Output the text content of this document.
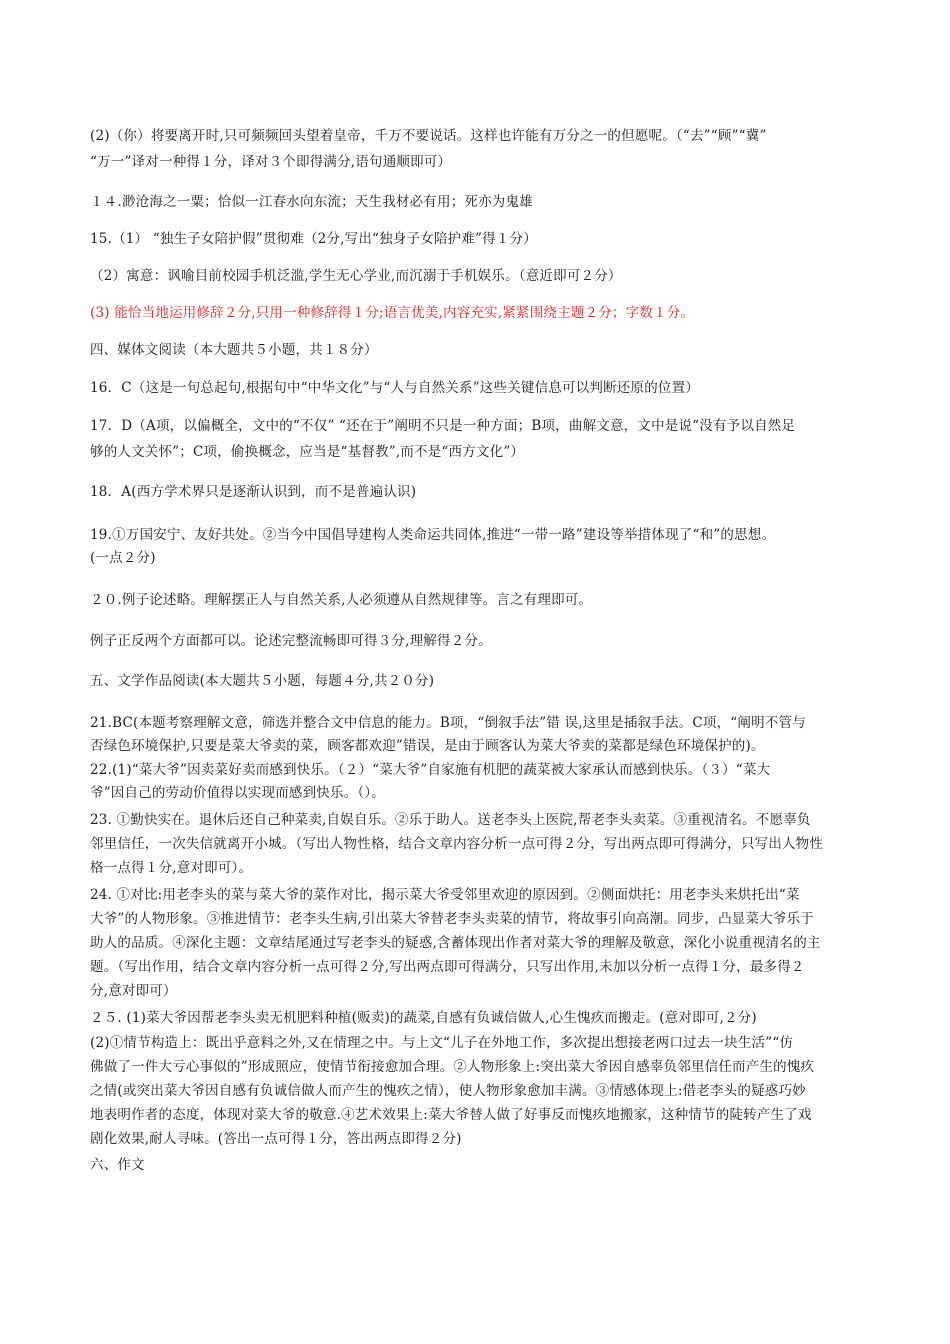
(2)（你）将要离开时,只可频频回头望着皇帝，千万不要说话。这样也许能有万分之一的但愿呢。（“去”“顾”“冀”
“万一”译对一种得１分，译对３个即得满分,语句通顺即可）
１４.渺沧海之一粟；恰似一江春水向东流；天生我材必有用；死亦为鬼雄
15.（1） “独生子女陪护假”贯彻难（2分,写出“独身子女陪护难”得１分）
（2）寓意：讽喻目前校园手机泛滥,学生无心学业,而沉溺于手机娱乐。（意近即可２分）
(3) 能恰当地运用修辞２分,只用一种修辞得１分;语言优美,内容充实,紧紧围绕主题２分；字数１分。
四、媒体文阅读（本大题共５小题，共１８分）
16．C（这是一句总起句,根据句中“中华文化”与“人与自然关系”这些关键信息可以判断还原的位置）
17．D（A项，以偏概全，文中的“不仅” “还在于”阐明不只是一种方面；B项，曲解文意，文中是说“没有予以自然足
够的人文关怀”；C项，偷换概念，应当是“基督教”,而不是“西方文化”）
18．A(西方学术界只是逐渐认识到，而不是普遍认识)
19.①万国安宁、友好共处。②当今中国倡导建构人类命运共同体,推进“一带一路”建设等举措体现了“和”的思想。
(一点２分)
２０.例子论述略。理解摆正人与自然关系,人必须遵从自然规律等。言之有理即可。
例子正反两个方面都可以。论述完整流畅即可得３分,理解得２分。
五、文学作品阅读(本大题共５小题，每题４分,共２０分)
21.BC(本题考察理解文意，筛选并整合文中信息的能力。B项，“倒叙手法”错 误,这里是插叙手法。C项，“阐明不管与
否绿色环境保护,只要是菜大爷卖的菜，顾客都欢迎”错误，是由于顾客认为菜大爷卖的菜都是绿色环境保护的)。
22.(1)“菜大爷”因卖菜好卖而感到快乐。（２）“菜大爷”自家施有机肥的蔬菜被大家承认而感到快乐。（３）“菜大
爷”因自己的劳动价值得以实现而感到快乐。（）。
23. ①勤快实在。退休后还自己种菜卖,自娱自乐。②乐于助人。送老李头上医院,帮老李头卖菜。③重视清名。不愿辜负
邻里信任，一次失信就离开小城。（写出人物性格，结合文章内容分析一点可得２分，写出两点即可得满分，只写出人物性
格一点得１分,意对即可）。
24. ①对比:用老李头的菜与菜大爷的菜作对比，揭示菜大爷受邻里欢迎的原因到。②侧面烘托：用老李头来烘托出“菜
大爷”的人物形象。③推进情节：老李头生病,引出菜大爷替老李头卖菜的情节，将故事引向高潮。同步，凸显菜大爷乐于
助人的品质。④深化主题：文章结尾通过写老李头的疑惑,含蓄体现出作者对菜大爷的理解及敬意，深化小说重视清名的主
题。（写出作用，结合文章内容分析一点可得２分,写出两点即可得满分，只写出作用,未加以分析一点得１分，最多得２
分,意对即可）
２５. (1)菜大爷因帮老李头卖无机肥料种植(贩卖)的蔬菜,自感有负诚信做人,心生愧疚而搬走。(意对即可,２分)
(2)①情节构造上：既出乎意料之外,又在情理之中。与上文“儿子在外地工作，多次提出想接老两口过去一块生活”“仿
佛做了一件大亏心事似的”形成照应，使情节衔接愈加合理。②人物形象上:突出菜大爷因自感辜负邻里信任而产生的愧疚
之情(或突出菜大爷因自感有负诚信做人而产生的愧疚之情），使人物形象愈加丰满。③情感体现上:借老李头的疑惑巧妙
地表明作者的态度，体现对菜大爷的敬意.④艺术效果上:菜大爷替人做了好事反而愧疚地搬家，这种情节的陡转产生了戏
剧化效果,耐人寻味。(答出一点可得１分，答出两点即得２分)
六、作文
